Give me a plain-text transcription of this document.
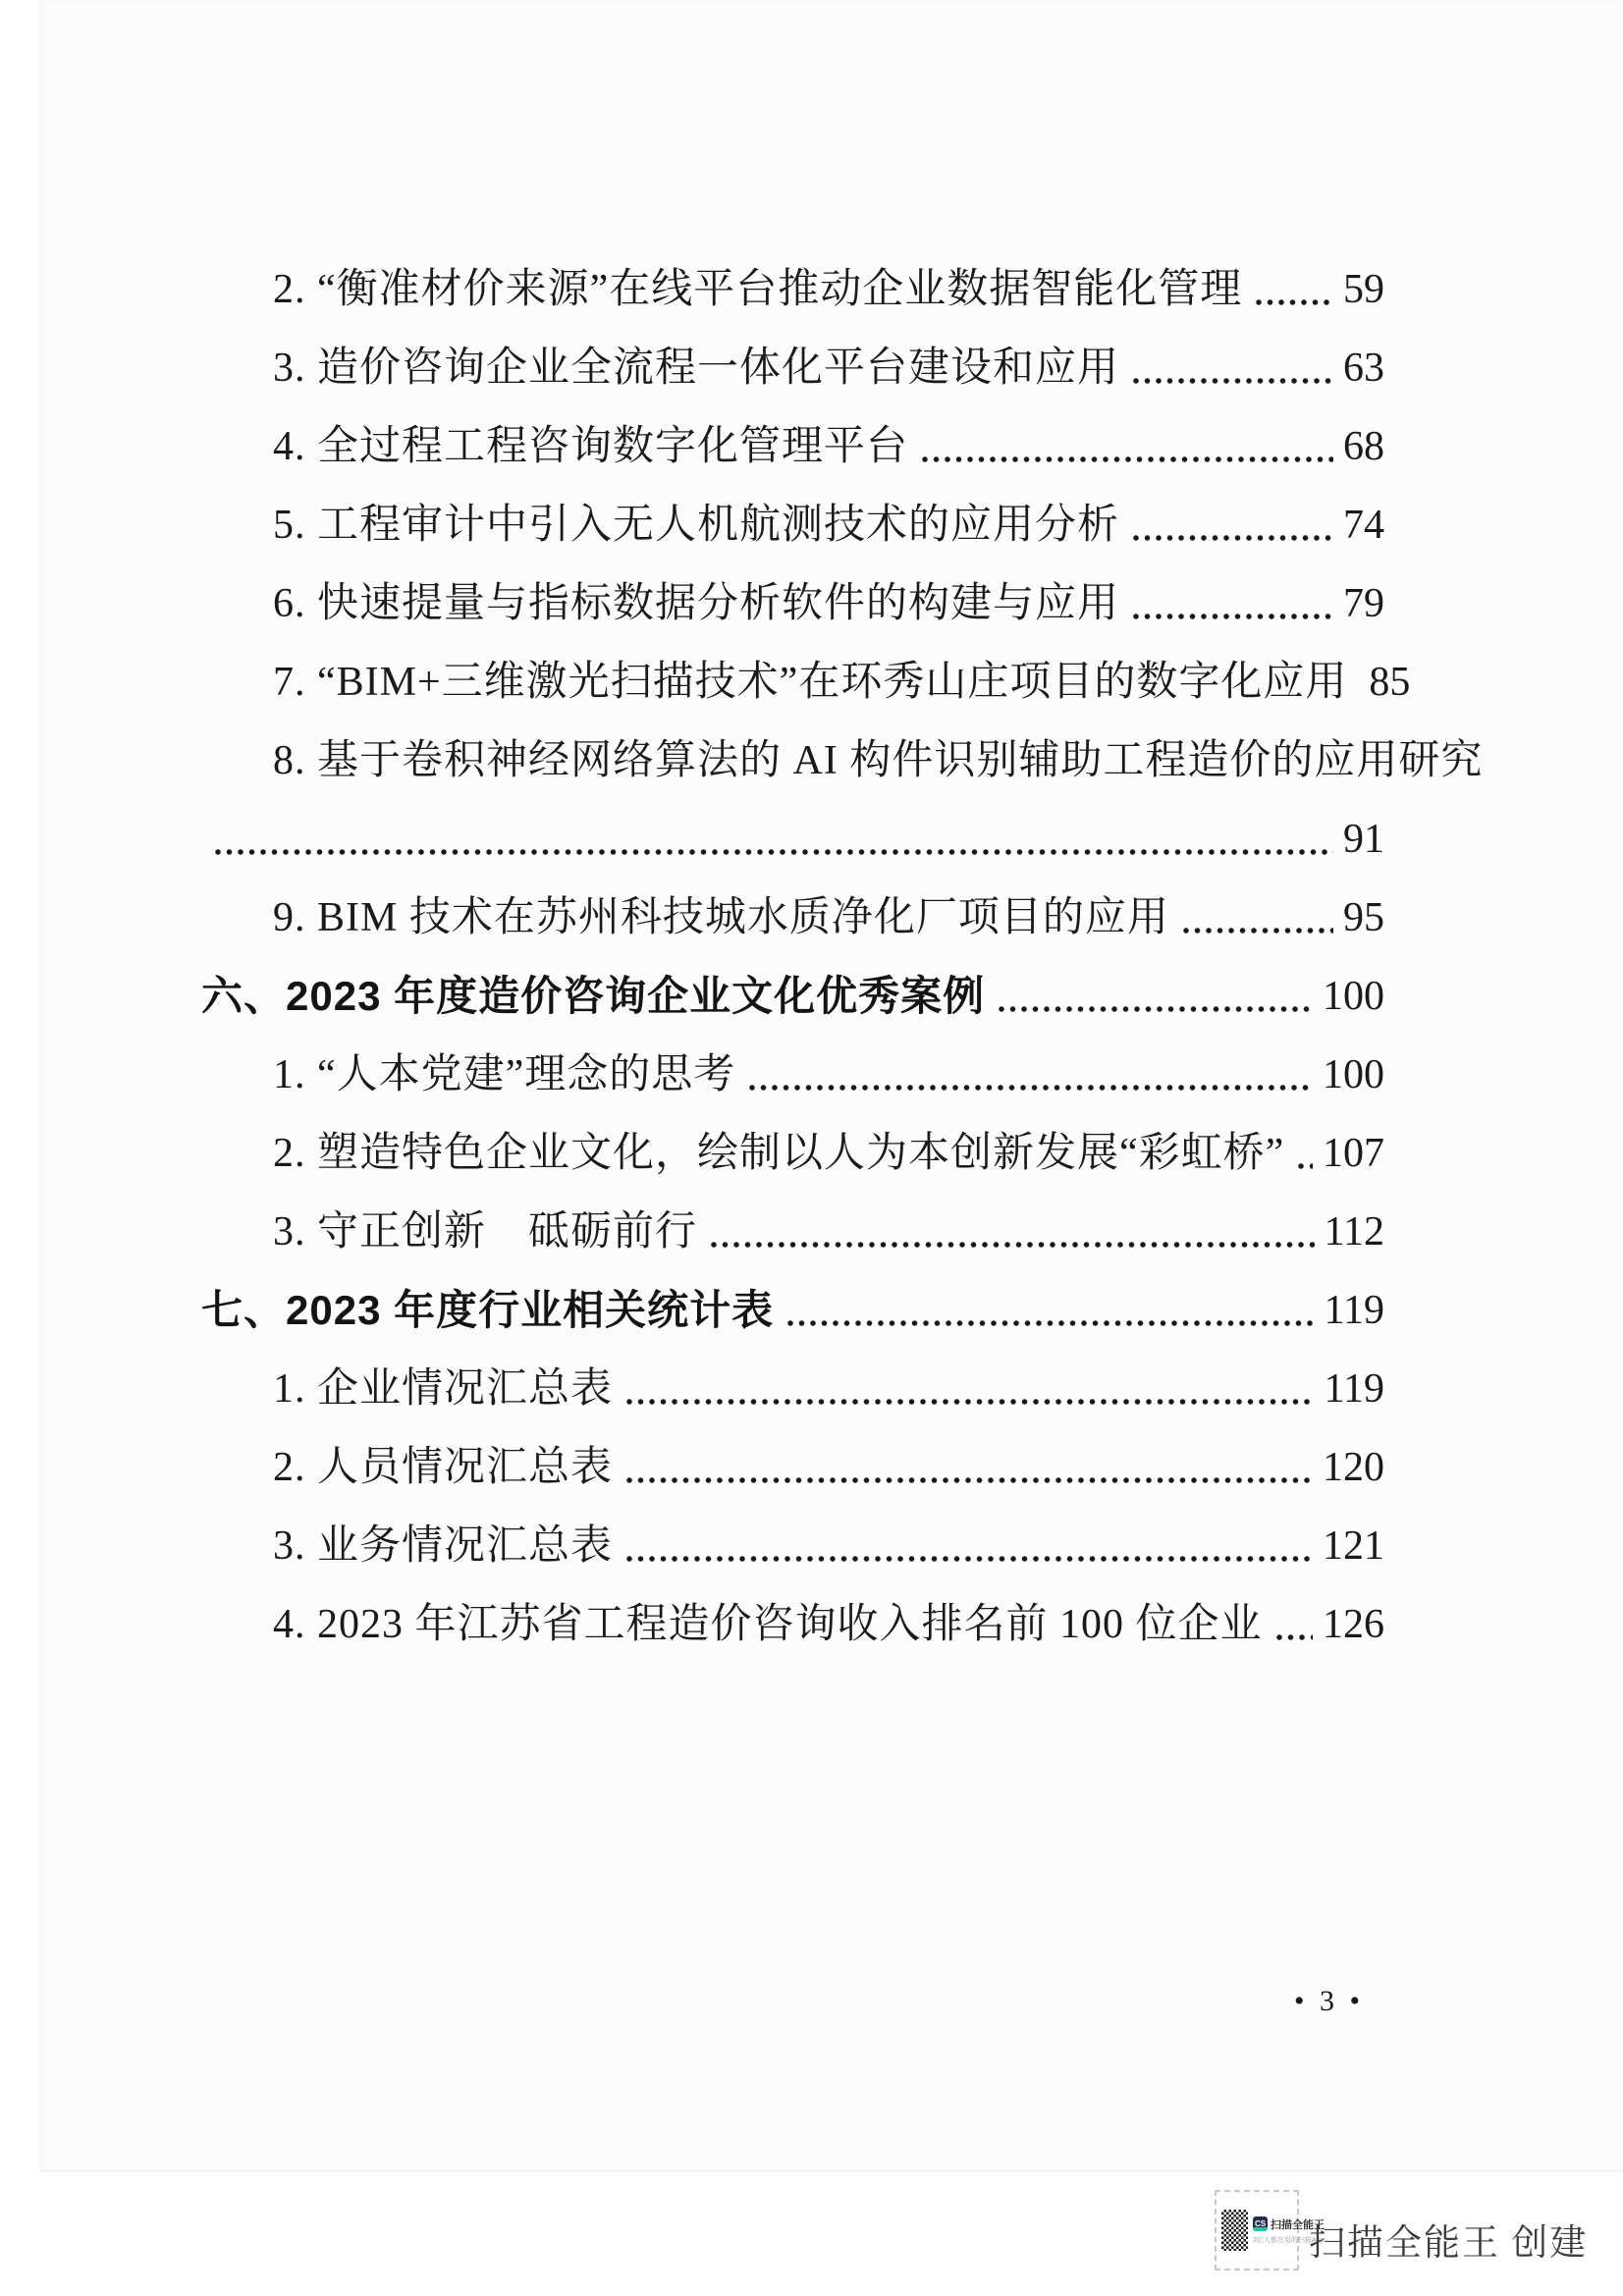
2. “衡准材价来源”在线平台推动企业数据智能化管理 59
3. 造价咨询企业全流程一体化平台建设和应用	63
4. 全过程工程咨询数字化管理平台	68
5. 工程审计中引入无人机航测技术的应用分析	74
6. 快速提量与指标数据分析软件的构建与应用	79
7. “BIM+三维激光扫描技术”在环秀山庄项目的数字化应用 85
8. 基于卷积神经网络算法的 AI 构件识别辅助工程造价的应用研究
91
9. BIM 技术在苏州科技城水质净化厂项目的应用	95
六、2023 年度造价咨询企业文化优秀案例	100
1. “人本党建”理念的思考	100
2. 塑造特色企业文化，绘制以人为本创新发展“彩虹桥” 107
3. 守正创新　砥砺前行	112
七、2023 年度行业相关统计表	119
1. 企业情况汇总表	119
2. 人员情况汇总表	120
3. 业务情况汇总表	121
4. 2023 年江苏省工程造价咨询收入排名前 100 位企业 126
• 3 •
CS 扫描全能王
3亿人都在用的扫描App
扫描全能王 创建
